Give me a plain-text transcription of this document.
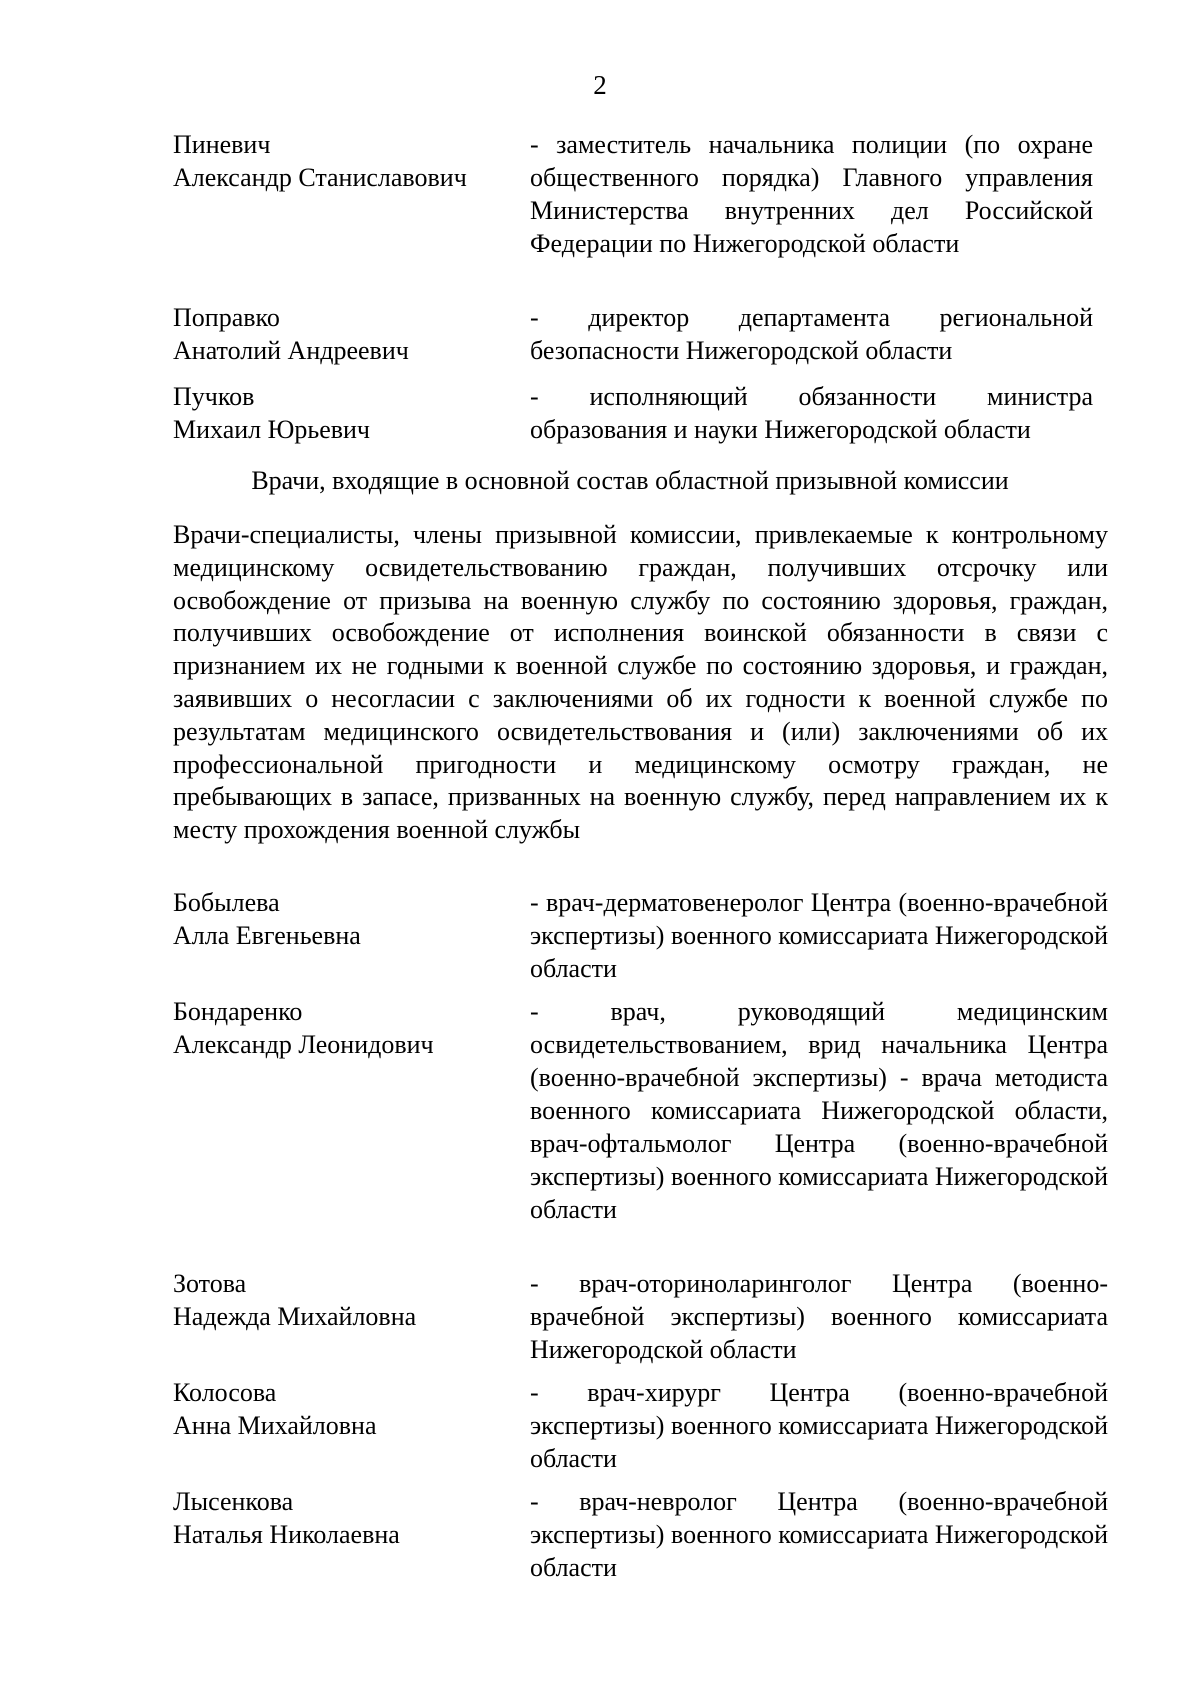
2
Пиневич
Александр Станиславович
- заместитель начальника полиции (по охране общественного порядка) Главного управления Министерства внутренних дел Российской Федерации по Нижегородской области
Поправко
Анатолий Андреевич
- директор департамента региональной безопасности Нижегородской области
Пучков
Михаил Юрьевич
- исполняющий обязанности министра образования и науки Нижегородской области
Врачи, входящие в основной состав областной призывной комиссии
Врачи-специалисты, члены призывной комиссии, привлекаемые к контрольному медицинскому освидетельствованию граждан, получивших отсрочку или освобождение от призыва на военную службу по состоянию здоровья, граждан, получивших освобождение от исполнения воинской обязанности в связи с признанием их не годными к военной службе по состоянию здоровья, и граждан, заявивших о несогласии с заключениями об их годности к военной службе по результатам медицинского освидетельствования и (или) заключениями об их профессиональной пригодности и медицинскому осмотру граждан, не пребывающих в запасе, призванных на военную службу, перед направлением их к месту прохождения военной службы
Бобылева
Алла Евгеньевна
- врач-дерматовенеролог Центра (военно-врачебной экспертизы) военного комиссариата Нижегородской области
Бондаренко
Александр Леонидович
- врач, руководящий медицинским освидетельствованием, врид начальника Центра (военно-врачебной экспертизы) - врача методиста военного комиссариата Нижегородской области, врач-офтальмолог Центра (военно-врачебной экспертизы) военного комиссариата Нижегородской области
Зотова
Надежда Михайловна
- врач-оториноларинголог Центра (военно-врачебной экспертизы) военного комиссариата Нижегородской области
Колосова
Анна Михайловна
- врач-хирург Центра (военно-врачебной экспертизы) военного комиссариата Нижегородской области
Лысенкова
Наталья Николаевна
- врач-невролог Центра (военно-врачебной экспертизы) военного комиссариата Нижегородской области
